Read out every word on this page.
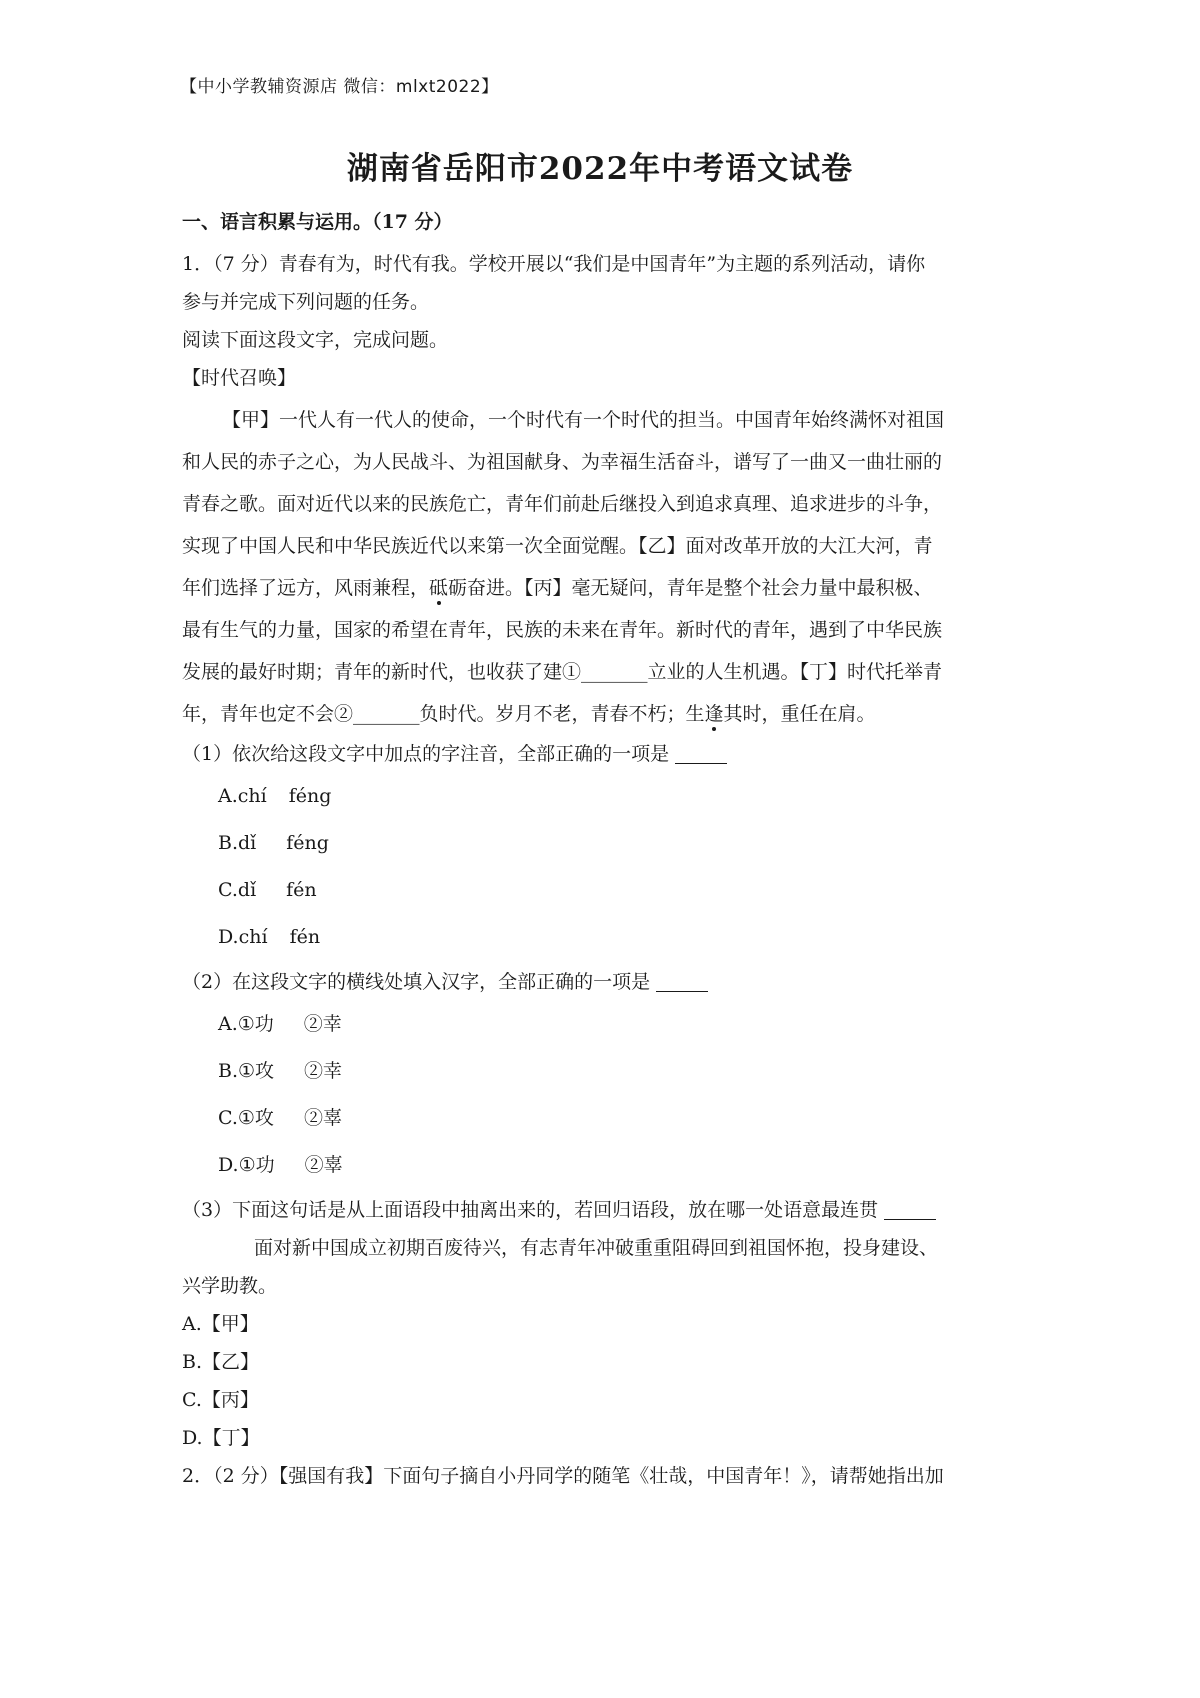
【中小学教辅资源店 微信：mlxt2022】
湖南省岳阳市2022年中考语文试卷

一、语言积累与运用。（17 分）

1．（7 分）青春有为，时代有我。学校开展以“我们是中国青年”为主题的系列活动，请你

参与并完成下列问题的任务。

阅读下面这段文字，完成问题。

【时代召唤】

【甲】一代人有一代人的使命，一个时代有一个时代的担当。中国青年始终满怀对祖国

和人民的赤子之心，为人民战斗、为祖国献身、为幸福生活奋斗，谱写了一曲又一曲壮丽的

青春之歌。面对近代以来的民族危亡，青年们前赴后继投入到追求真理、追求进步的斗争，

实现了中国人民和中华民族近代以来第一次全面觉醒。【乙】面对改革开放的大江大河，青

年们选择了远方，风雨兼程，砥砺奋进。【丙】毫无疑问，青年是整个社会力量中最积极、

最有生气的力量，国家的希望在青年，民族的未来在青年。新时代的青年，遇到了中华民族

发展的最好时期；青年的新时代，也收获了建①_______立业的人生机遇。【丁】时代托举青

年，青年也定不会②_______负时代。岁月不老，青春不朽；生逢其时，重任在肩。

（1）依次给这段文字中加点的字注音，全部正确的一项是

A.chí féng
B.dǐ féng
C.dǐ fén
D.chí fén

（2）在这段文字的横线处填入汉字，全部正确的一项是

A.①功 ②幸
B.①攻 ②幸
C.①攻 ②辜
D.①功 ②辜

（3）下面这句话是从上面语段中抽离出来的，若回归语段，放在哪一处语意最连贯

面对新中国成立初期百废待兴，有志青年冲破重重阻碍回到祖国怀抱，投身建设、

兴学助教。

A.【甲】

B.【乙】

C.【丙】

D.【丁】

2．（2 分）【强国有我】下面句子摘自小丹同学的随笔《壮哉，中国青年！》，请帮她指出加
